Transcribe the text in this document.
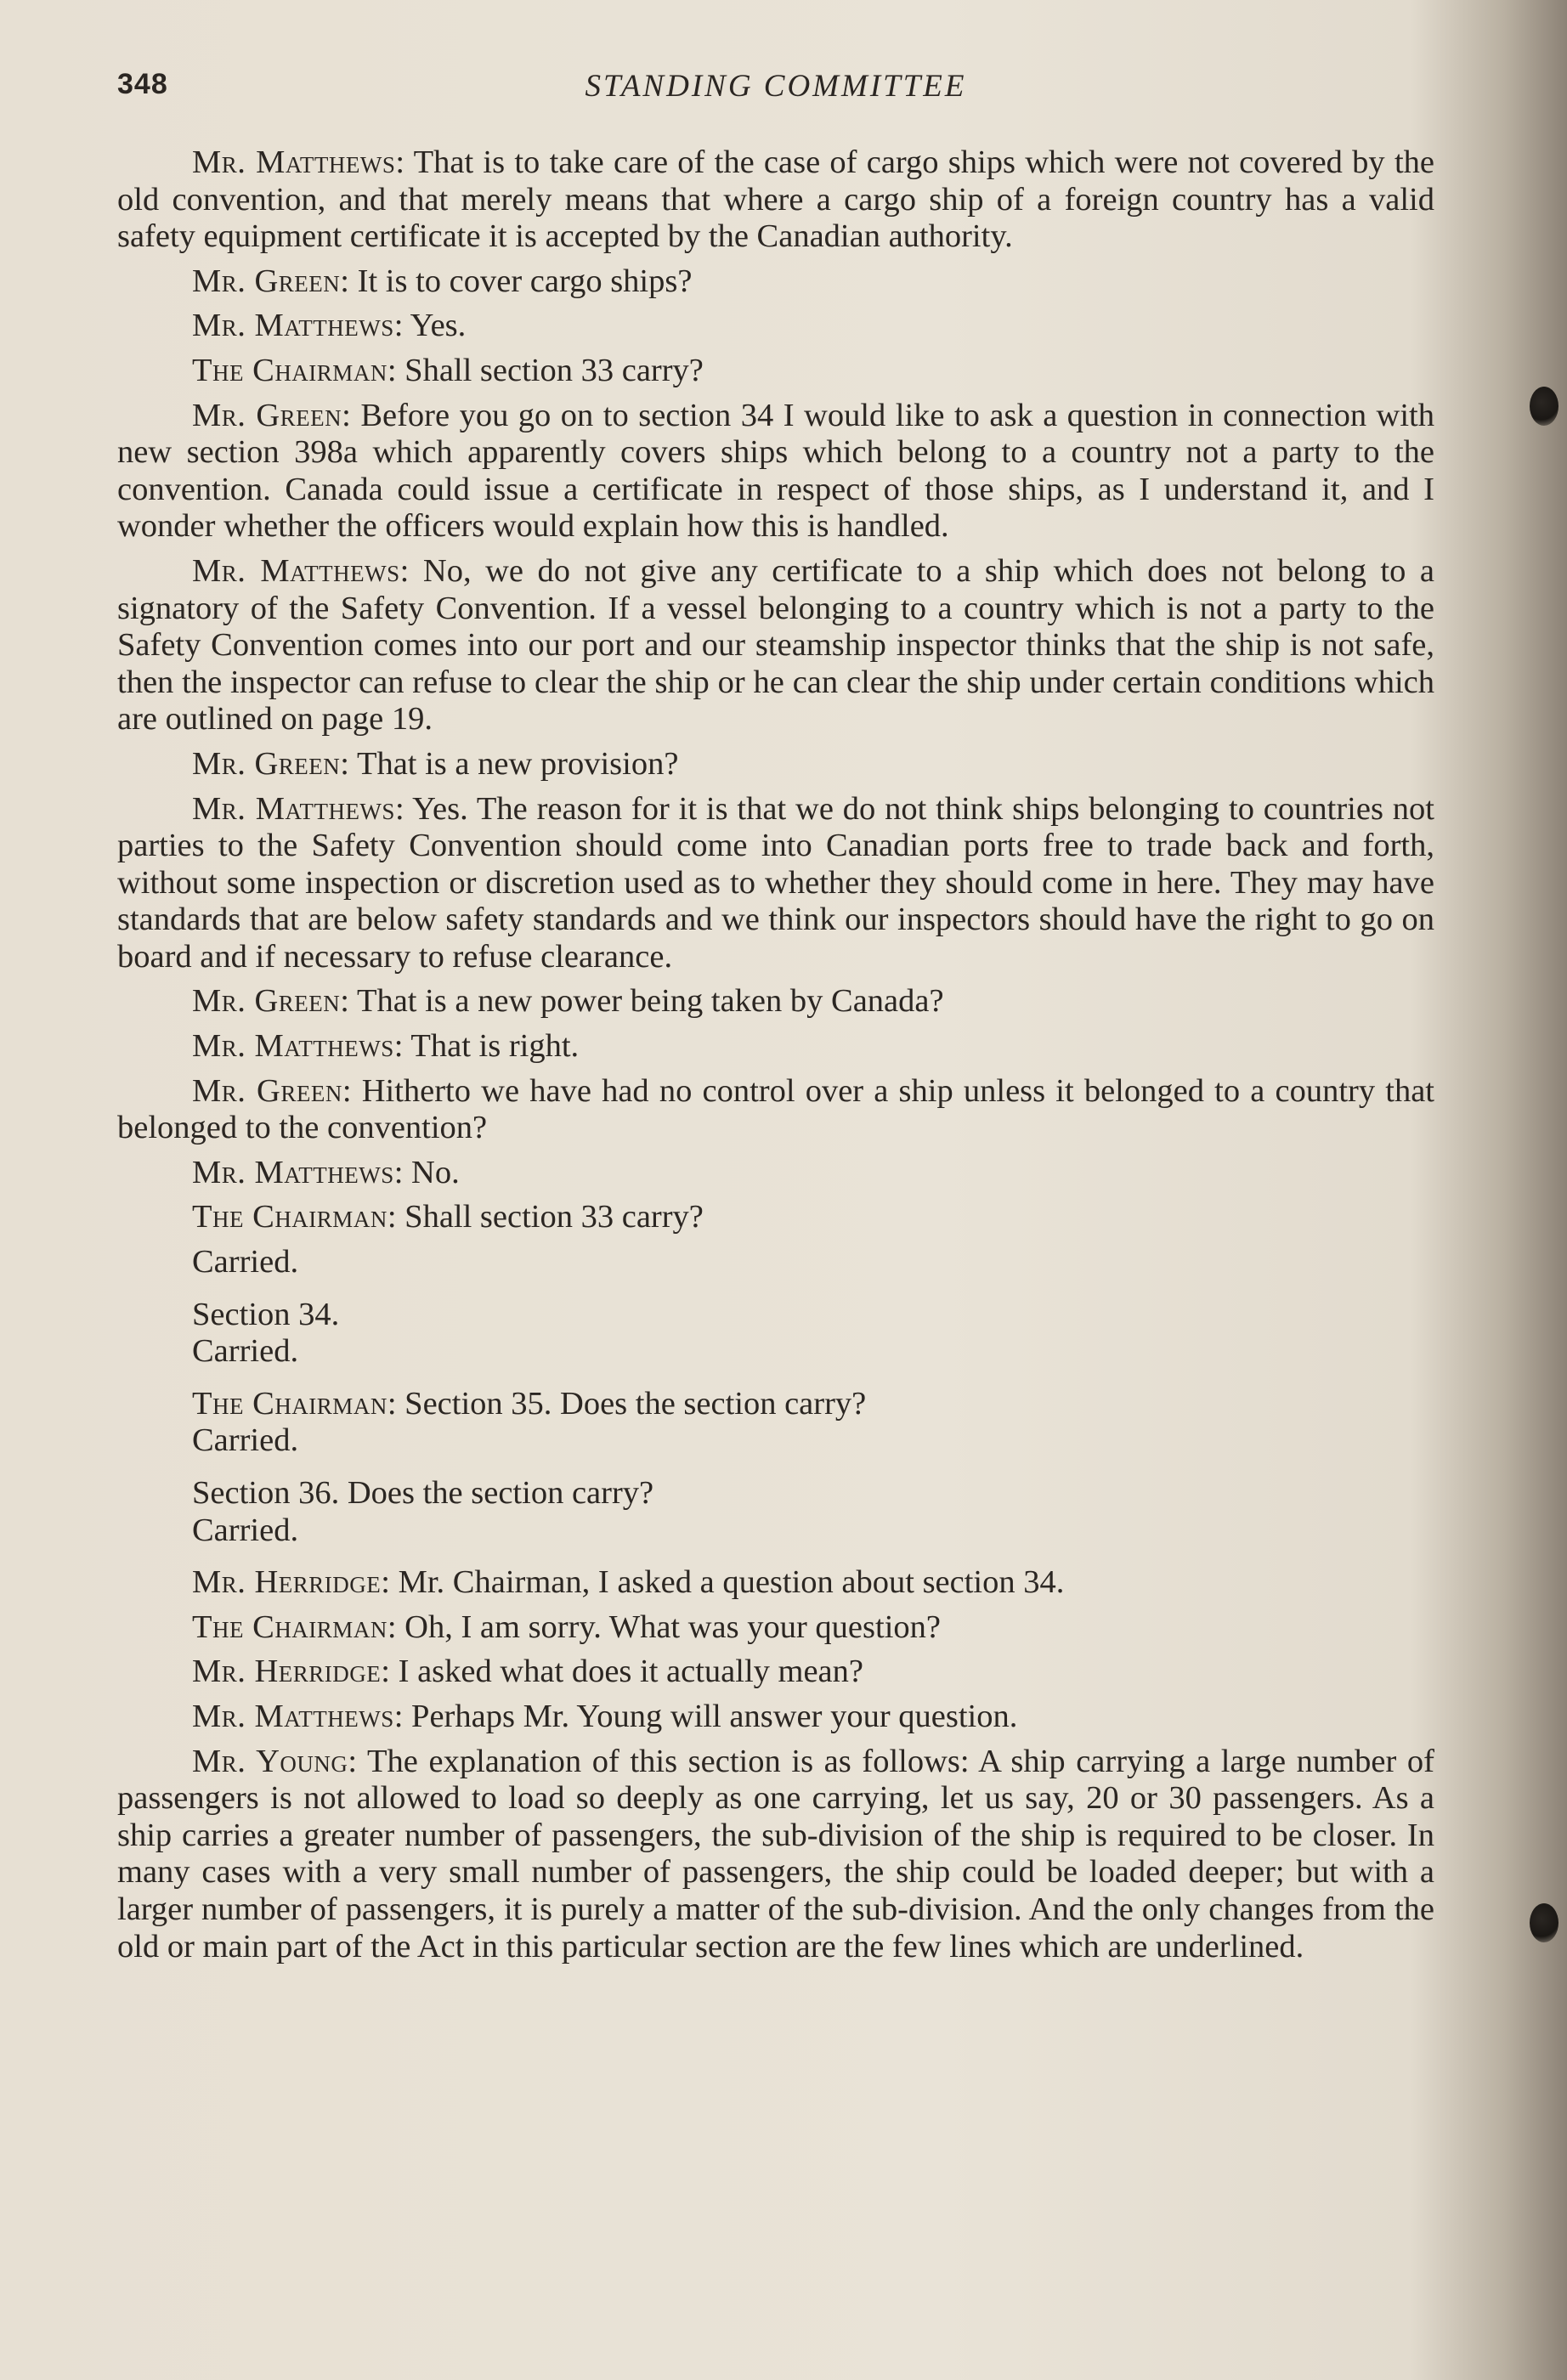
348	STANDING COMMITTEE

Mr. Matthews: That is to take care of the case of cargo ships which were not covered by the old convention, and that merely means that where a cargo ship of a foreign country has a valid safety equipment certificate it is accepted by the Canadian authority.

Mr. Green: It is to cover cargo ships?

Mr. Matthews: Yes.

The Chairman: Shall section 33 carry?

Mr. Green: Before you go on to section 34 I would like to ask a question in connection with new section 398a which apparently covers ships which belong to a country not a party to the convention. Canada could issue a certificate in respect of those ships, as I understand it, and I wonder whether the officers would explain how this is handled.

Mr. Matthews: No, we do not give any certificate to a ship which does not belong to a signatory of the Safety Convention. If a vessel belonging to a country which is not a party to the Safety Convention comes into our port and our steamship inspector thinks that the ship is not safe, then the inspector can refuse to clear the ship or he can clear the ship under certain conditions which are outlined on page 19.

Mr. Green: That is a new provision?

Mr. Matthews: Yes. The reason for it is that we do not think ships belonging to countries not parties to the Safety Convention should come into Canadian ports free to trade back and forth, without some inspection or discretion used as to whether they should come in here. They may have standards that are below safety standards and we think our inspectors should have the right to go on board and if necessary to refuse clearance.

Mr. Green: That is a new power being taken by Canada?

Mr. Matthews: That is right.

Mr. Green: Hitherto we have had no control over a ship unless it belonged to a country that belonged to the convention?

Mr. Matthews: No.

The Chairman: Shall section 33 carry?

Carried.

Section 34.

Carried.

The Chairman: Section 35. Does the section carry?

Carried.

Section 36. Does the section carry?

Carried.

Mr. Herridge: Mr. Chairman, I asked a question about section 34.

The Chairman: Oh, I am sorry. What was your question?

Mr. Herridge: I asked what does it actually mean?

Mr. Matthews: Perhaps Mr. Young will answer your question.

Mr. Young: The explanation of this section is as follows: A ship carrying a large number of passengers is not allowed to load so deeply as one carrying, let us say, 20 or 30 passengers. As a ship carries a greater number of passengers, the sub-division of the ship is required to be closer. In many cases with a very small number of passengers, the ship could be loaded deeper; but with a larger number of passengers, it is purely a matter of the sub-division. And the only changes from the old or main part of the Act in this particular section are the few lines which are underlined.
